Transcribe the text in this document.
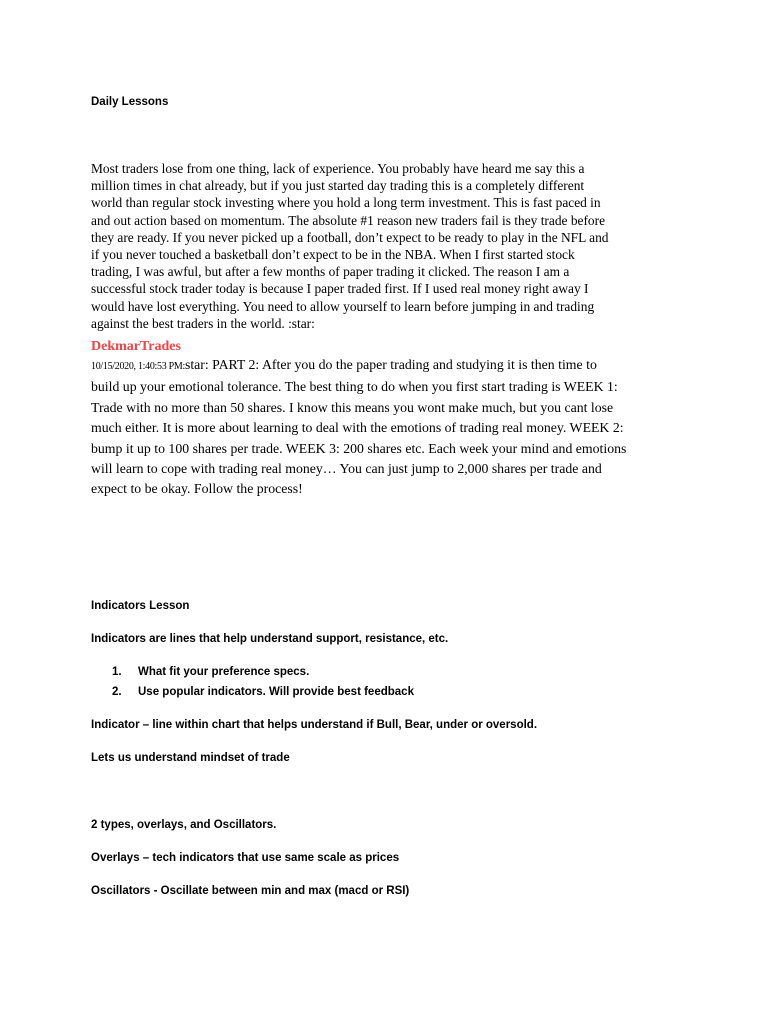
Daily Lessons
Most traders lose from one thing, lack of experience. You probably have heard me say this a
million times in chat already, but if you just started day trading this is a completely different
world than regular stock investing where you hold a long term investment. This is fast paced in
and out action based on momentum. The absolute #1 reason new traders fail is they trade before
they are ready. If you never picked up a football, don’t expect to be ready to play in the NFL and
if you never touched a basketball don’t expect to be in the NBA. When I first started stock
trading, I was awful, but after a few months of paper trading it clicked. The reason I am a
successful stock trader today is because I paper traded first. If I used real money right away I
would have lost everything. You need to allow yourself to learn before jumping in and trading
against the best traders in the world. :star:
DekmarTrades
10/15/2020, 1:40:53 PM:star: PART 2: After you do the paper trading and studying it is then time to
build up your emotional tolerance. The best thing to do when you first start trading is WEEK 1:
Trade with no more than 50 shares. I know this means you wont make much, but you cant lose
much either. It is more about learning to deal with the emotions of trading real money. WEEK 2:
bump it up to 100 shares per trade. WEEK 3: 200 shares etc. Each week your mind and emotions
will learn to cope with trading real money… You can just jump to 2,000 shares per trade and
expect to be okay. Follow the process!
Indicators Lesson
Indicators are lines that help understand support, resistance, etc.
1. What fit your preference specs.
2. Use popular indicators. Will provide best feedback
Indicator – line within chart that helps understand if Bull, Bear, under or oversold.
Lets us understand mindset of trade
2 types, overlays, and Oscillators.
Overlays – tech indicators that use same scale as prices
Oscillators - Oscillate between min and max (macd or RSI)
